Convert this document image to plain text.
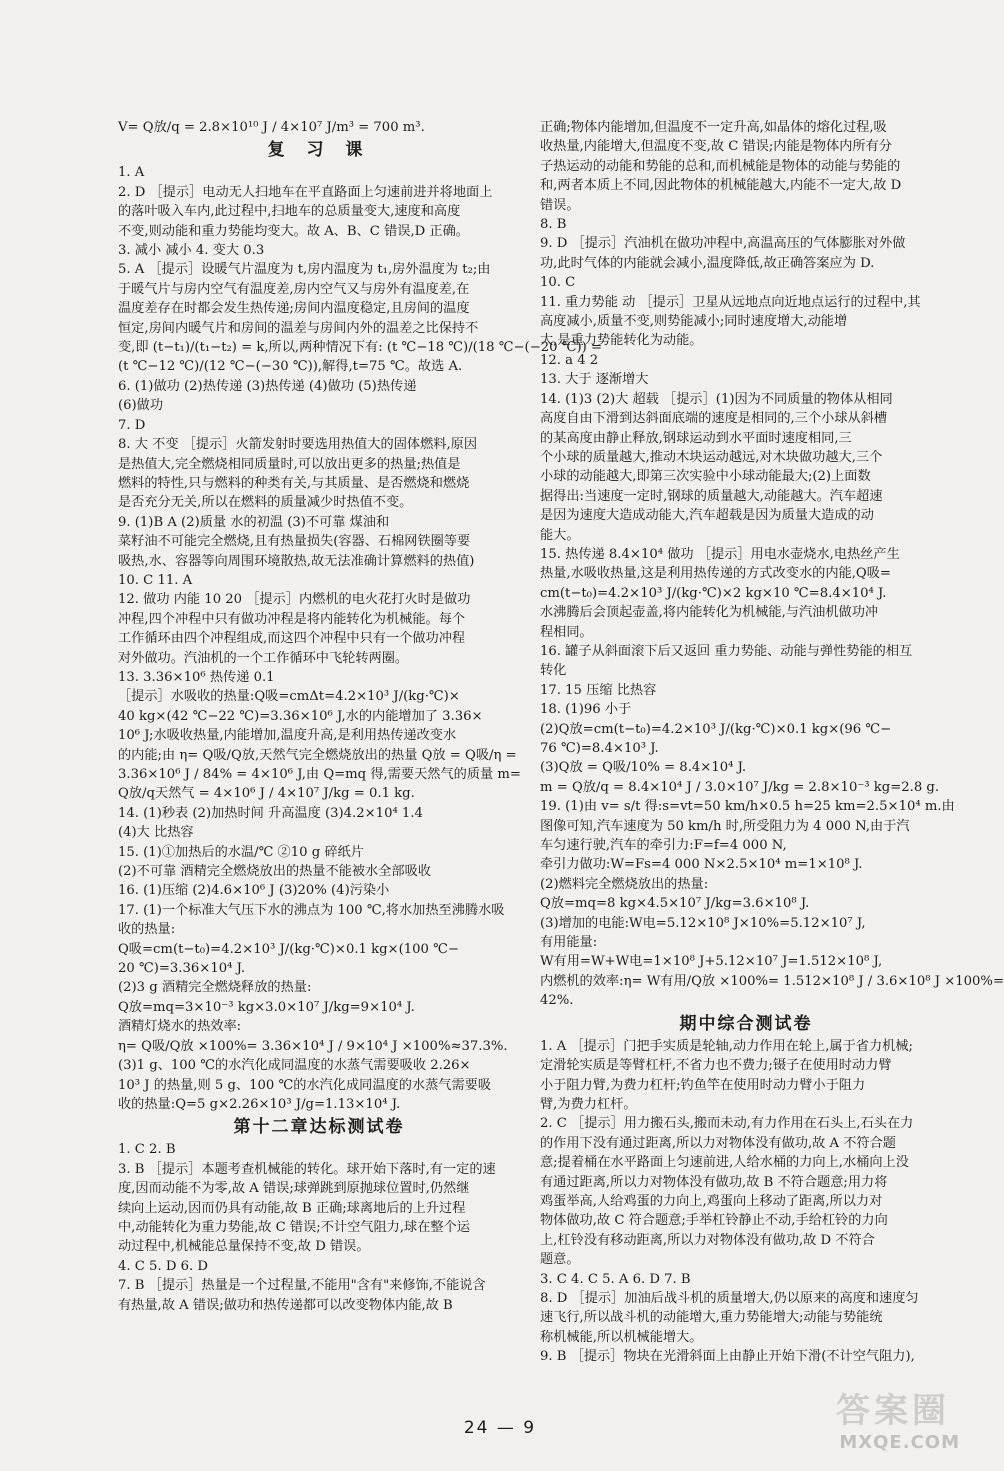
V= Q放/q = 2.8×10¹⁰ J / 4×10⁷ J/m³ = 700 m³.
复 习 课
1. A
2. D ［提示］电动无人扫地车在平直路面上匀速前进并将地面上
的落叶吸入车内,此过程中,扫地车的总质量变大,速度和高度
不变,则动能和重力势能均变大。故 A、B、C 错误,D 正确。
3. 减小 减小 4. 变大 0.3
5. A ［提示］设暖气片温度为 t,房内温度为 t₁,房外温度为 t₂;由
于暖气片与房内空气有温度差,房内空气又与房外有温度差,在
温度差存在时都会发生热传递;房间内温度稳定,且房间的温度
恒定,房间内暖气片和房间的温差与房间内外的温差之比保持不
变,即 (t−t₁)/(t₁−t₂) = k,所以,两种情况下有: (t ℃−18 ℃)/(18 ℃−(−20 ℃)) =
(t ℃−12 ℃)/(12 ℃−(−30 ℃)),解得,t=75 ℃。故选 A.
6. (1)做功 (2)热传递 (3)热传递 (4)做功 (5)热传递
(6)做功
7. D
8. 大 不变 ［提示］火箭发射时要选用热值大的固体燃料,原因
是热值大,完全燃烧相同质量时,可以放出更多的热量;热值是
燃料的特性,只与燃料的种类有关,与其质量、是否燃烧和燃烧
是否充分无关,所以在燃料的质量减少时热值不变。
9. (1)B A (2)质量 水的初温 (3)不可靠 煤油和
菜籽油不可能完全燃烧,且有热量损失(容器、石棉网铁圈等要
吸热,水、容器等向周围环境散热,故无法准确计算燃料的热值)
10. C 11. A
12. 做功 内能 10 20 ［提示］内燃机的电火花打火时是做功
冲程,四个冲程中只有做功冲程是将内能转化为机械能。每个
工作循环由四个冲程组成,而这四个冲程中只有一个做功冲程
对外做功。汽油机的一个工作循环中飞轮转两圈。
13. 3.36×10⁶ 热传递 0.1
［提示］水吸收的热量:Q吸=cmΔt=4.2×10³ J/(kg·℃)×
40 kg×(42 ℃−22 ℃)=3.36×10⁶ J,水的内能增加了 3.36×
10⁶ J;水吸收热量,内能增加,温度升高,是利用热传递改变水
的内能;由 η= Q吸/Q放,天然气完全燃烧放出的热量 Q放 = Q吸/η =
3.36×10⁶ J / 84% = 4×10⁶ J,由 Q=mq 得,需要天然气的质量 m=
Q放/q天然气 = 4×10⁶ J / 4×10⁷ J/kg = 0.1 kg.
14. (1)秒表 (2)加热时间 升高温度 (3)4.2×10⁴ 1.4
(4)大 比热容
15. (1)①加热后的水温/℃ ②10 g 碎纸片
(2)不可靠 酒精完全燃烧放出的热量不能被水全部吸收
16. (1)压缩 (2)4.6×10⁶ J (3)20% (4)污染小
17. (1)一个标准大气压下水的沸点为 100 ℃,将水加热至沸腾水吸
收的热量:
Q吸=cm(t−t₀)=4.2×10³ J/(kg·℃)×0.1 kg×(100 ℃−
20 ℃)=3.36×10⁴ J.
(2)3 g 酒精完全燃烧释放的热量:
Q放=mq=3×10⁻³ kg×3.0×10⁷ J/kg=9×10⁴ J.
酒精灯烧水的热效率:
η= Q吸/Q放 ×100%= 3.36×10⁴ J / 9×10⁴ J ×100%≈37.3%.
(3)1 g、100 ℃的水汽化成同温度的水蒸气需要吸收 2.26×
10³ J 的热量,则 5 g、100 ℃的水汽化成同温度的水蒸气需要吸
收的热量:Q=5 g×2.26×10³ J/g=1.13×10⁴ J.
第十二章达标测试卷
1. C 2. B
3. B ［提示］本题考查机械能的转化。球开始下落时,有一定的速
度,因而动能不为零,故 A 错误;球弹跳到原抛球位置时,仍然继
续向上运动,因而仍具有动能,故 B 正确;球离地后的上升过程
中,动能转化为重力势能,故 C 错误;不计空气阻力,球在整个运
动过程中,机械能总量保持不变,故 D 错误。
4. C 5. D 6. D
7. B ［提示］热量是一个过程量,不能用"含有"来修饰,不能说含
有热量,故 A 错误;做功和热传递都可以改变物体内能,故 B
正确;物体内能增加,但温度不一定升高,如晶体的熔化过程,吸
收热量,内能增大,但温度不变,故 C 错误;内能是物体内所有分
子热运动的动能和势能的总和,而机械能是物体的动能与势能的
和,两者本质上不同,因此物体的机械能越大,内能不一定大,故 D
错误。
8. B
9. D ［提示］汽油机在做功冲程中,高温高压的气体膨胀对外做
功,此时气体的内能就会减小,温度降低,故正确答案应为 D.
10. C
11. 重力势能 动 ［提示］卫星从远地点向近地点运行的过程中,其
高度减小,质量不变,则势能减小;同时速度增大,动能增
大,是重力势能转化为动能。
12. a 4 2
13. 大于 逐渐增大
14. (1)3 (2)大 超载 ［提示］(1)因为不同质量的物体从相同
高度自由下滑到达斜面底端的速度是相同的,三个小球从斜槽
的某高度由静止释放,钢球运动到水平面时速度相同,三
个小球的质量越大,推动木块运动越远,对木块做功越大,三个
小球的动能越大,即第三次实验中小球动能最大;(2)上面数
据得出:当速度一定时,钢球的质量越大,动能越大。汽车超速
是因为速度大造成动能大,汽车超载是因为质量大造成的动
能大。
15. 热传递 8.4×10⁴ 做功 ［提示］用电水壶烧水,电热丝产生
热量,水吸收热量,这是利用热传递的方式改变水的内能,Q吸=
cm(t−t₀)=4.2×10³ J/(kg·℃)×2 kg×10 ℃=8.4×10⁴ J.
水沸腾后会顶起壶盖,将内能转化为机械能,与汽油机做功冲
程相同。
16. 罐子从斜面滚下后又返回 重力势能、动能与弹性势能的相互
转化
17. 15 压缩 比热容
18. (1)96 小于
(2)Q放=cm(t−t₀)=4.2×10³ J/(kg·℃)×0.1 kg×(96 ℃−
76 ℃)=8.4×10³ J.
(3)Q放 = Q吸/10% = 8.4×10⁴ J.
m = Q放/q = 8.4×10⁴ J / 3.0×10⁷ J/kg = 2.8×10⁻³ kg=2.8 g.
19. (1)由 v= s/t 得:s=vt=50 km/h×0.5 h=25 km=2.5×10⁴ m.由
图像可知,汽车速度为 50 km/h 时,所受阻力为 4 000 N,由于汽
车匀速行驶,汽车的牵引力:F=f=4 000 N,
牵引力做功:W=Fs=4 000 N×2.5×10⁴ m=1×10⁸ J.
(2)燃料完全燃烧放出的热量:
Q放=mq=8 kg×4.5×10⁷ J/kg=3.6×10⁸ J.
(3)增加的电能:W电=5.12×10⁸ J×10%=5.12×10⁷ J,
有用能量:
W有用=W+W电=1×10⁸ J+5.12×10⁷ J=1.512×10⁸ J,
内燃机的效率:η= W有用/Q放 ×100%= 1.512×10⁸ J / 3.6×10⁸ J ×100%=
42%.
期中综合测试卷
1. A ［提示］门把手实质是轮轴,动力作用在轮上,属于省力机械;
定滑轮实质是等臂杠杆,不省力也不费力;镊子在使用时动力臂
小于阻力臂,为费力杠杆;钓鱼竿在使用时动力臂小于阻力
臂,为费力杠杆。
2. C ［提示］用力搬石头,搬而未动,有力作用在石头上,石头在力
的作用下没有通过距离,所以力对物体没有做功,故 A 不符合题
意;提着桶在水平路面上匀速前进,人给水桶的力向上,水桶向上没
有通过距离,所以力对物体没有做功,故 B 不符合题意;用力将
鸡蛋举高,人给鸡蛋的力向上,鸡蛋向上移动了距离,所以力对
物体做功,故 C 符合题意;手举杠铃静止不动,手给杠铃的力向
上,杠铃没有移动距离,所以力对物体没有做功,故 D 不符合
题意。
3. C 4. C 5. A 6. D 7. B
8. D ［提示］加油后战斗机的质量增大,仍以原来的高度和速度匀
速飞行,所以战斗机的动能增大,重力势能增大;动能与势能统
称机械能,所以机械能增大。
9. B ［提示］物块在光滑斜面上由静止开始下滑(不计空气阻力),
24 — 9	答案圈
MXQE.COM
